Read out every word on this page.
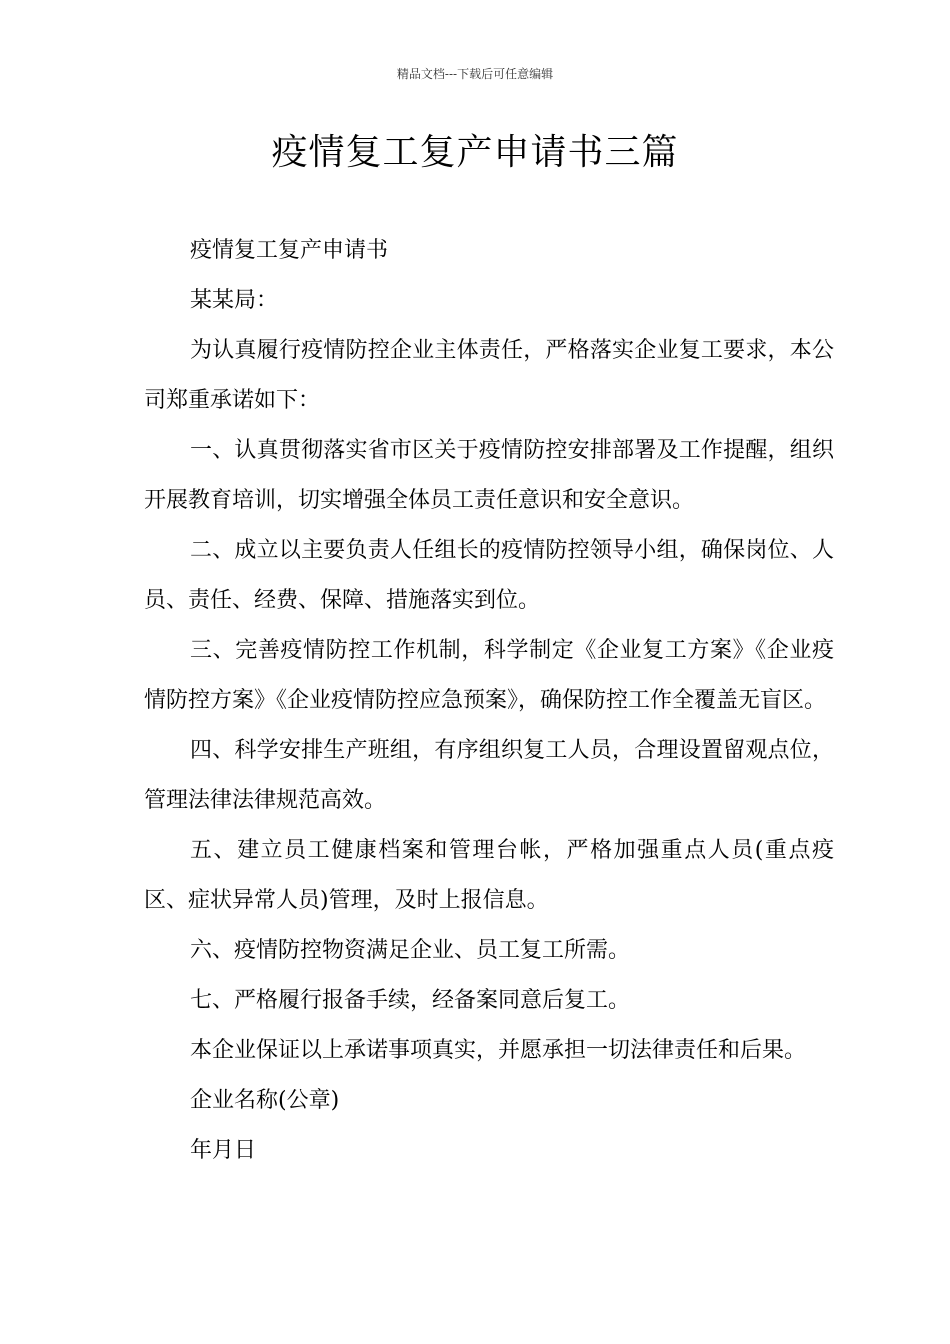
精品文档---下载后可任意编辑
疫情复工复产申请书三篇

疫情复工复产申请书

某某局：

为认真履行疫情防控企业主体责任，严格落实企业复工要求，本公司郑重承诺如下：

一、认真贯彻落实省市区关于疫情防控安排部署及工作提醒，组织开展教育培训，切实增强全体员工责任意识和安全意识。

二、成立以主要负责人任组长的疫情防控领导小组，确保岗位、人员、责任、经费、保障、措施落实到位。

三、完善疫情防控工作机制，科学制定《企业复工方案》《企业疫情防控方案》《企业疫情防控应急预案》，确保防控工作全覆盖无盲区。

四、科学安排生产班组，有序组织复工人员，合理设置留观点位，管理法律法律规范高效。

五、建立员工健康档案和管理台帐，严格加强重点人员(重点疫区、症状异常人员)管理，及时上报信息。

六、疫情防控物资满足企业、员工复工所需。

七、严格履行报备手续，经备案同意后复工。

本企业保证以上承诺事项真实，并愿承担一切法律责任和后果。

企业名称(公章)

年月日
